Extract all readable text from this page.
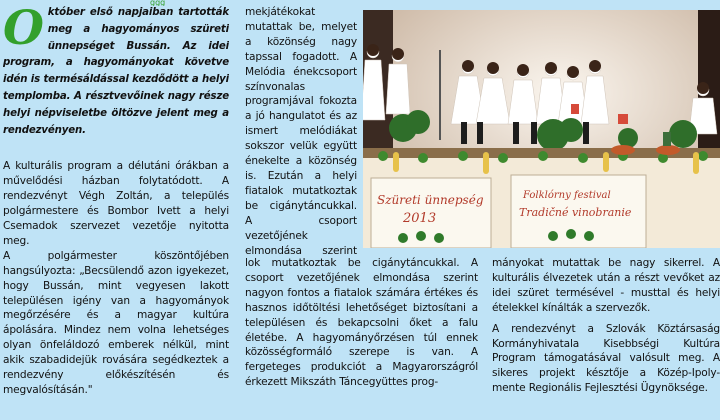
ggg

O któber első napjaiban tartották meg a hagyományos szüreti ünnepséget Bussán. Az idei program, a hagyományokat követve idén is termésáldással kezdődött a helyi templomba. A résztvevőinek nagy része helyi népviseletbe öltözve jelent meg a rendezvényen.

A kulturális program a délutáni órákban a művelődési házban folytatódott. A rendezvényt Végh Zoltán, a település polgármestere és Bombor Ivett a helyi Csemadok szervezet vezetője nyitotta meg.

A polgármester köszöntőjében hangsúlyozta: „Becsülendő azon igyekezet, hogy Bussán, mint vegyesen lakott településen igény van a hagyományok megőrzésére és a magyar kultúra ápolására. Mindez nem volna lehetséges olyan önfeláldozó emberek nélkül, mint akik szabadidejük rovására segédkeztek a rendezvény előkészítésén és megvalósításán."

mekjátékokat mutattak be, melyet a közönség nagy tapssal fogadott. A Melódia énekcsoport színvonalas programjával fokozta a jó hangulatot és az ismert melódiákat sokszor velük együtt énekelte a közönség is. Ezután a helyi fiatalok mutatkoztak be cigánytáncukkal. A csoport vezetőjének elmondása szerint

Szüreti ünnepség
2013
Folklórny festival
Tradičné vinobranie

mányokat mutattak be nagy sikerrel. A kulturális élvezetek után a részt vevőket az idei szüret termésével - musttal és helyi ételekkel kínálták a szervezők.

A rendezvényt a Szlovák Köztársaság Kormányhivatala Kisebbségi Kultúra Program támogatásával valósult meg. A sikeres projekt késztője a Közép-Ipoly-mente Regionális Fejlesztési Ügynöksége.

lok mutatkoztak be cigánytáncukkal. A csoport vezetőjének elmondása szerint nagyon fontos a fiatalok számára értékes és hasznos időtöltési lehetőséget biztosítani a településen és bekapcsolni őket a falu életébe. A hagyományőrzésen túl ennek közösségformáló szerepe is van. A fergeteges produkciót a Magyarországról érkezett Mikszáth Táncegyüttes prog-
